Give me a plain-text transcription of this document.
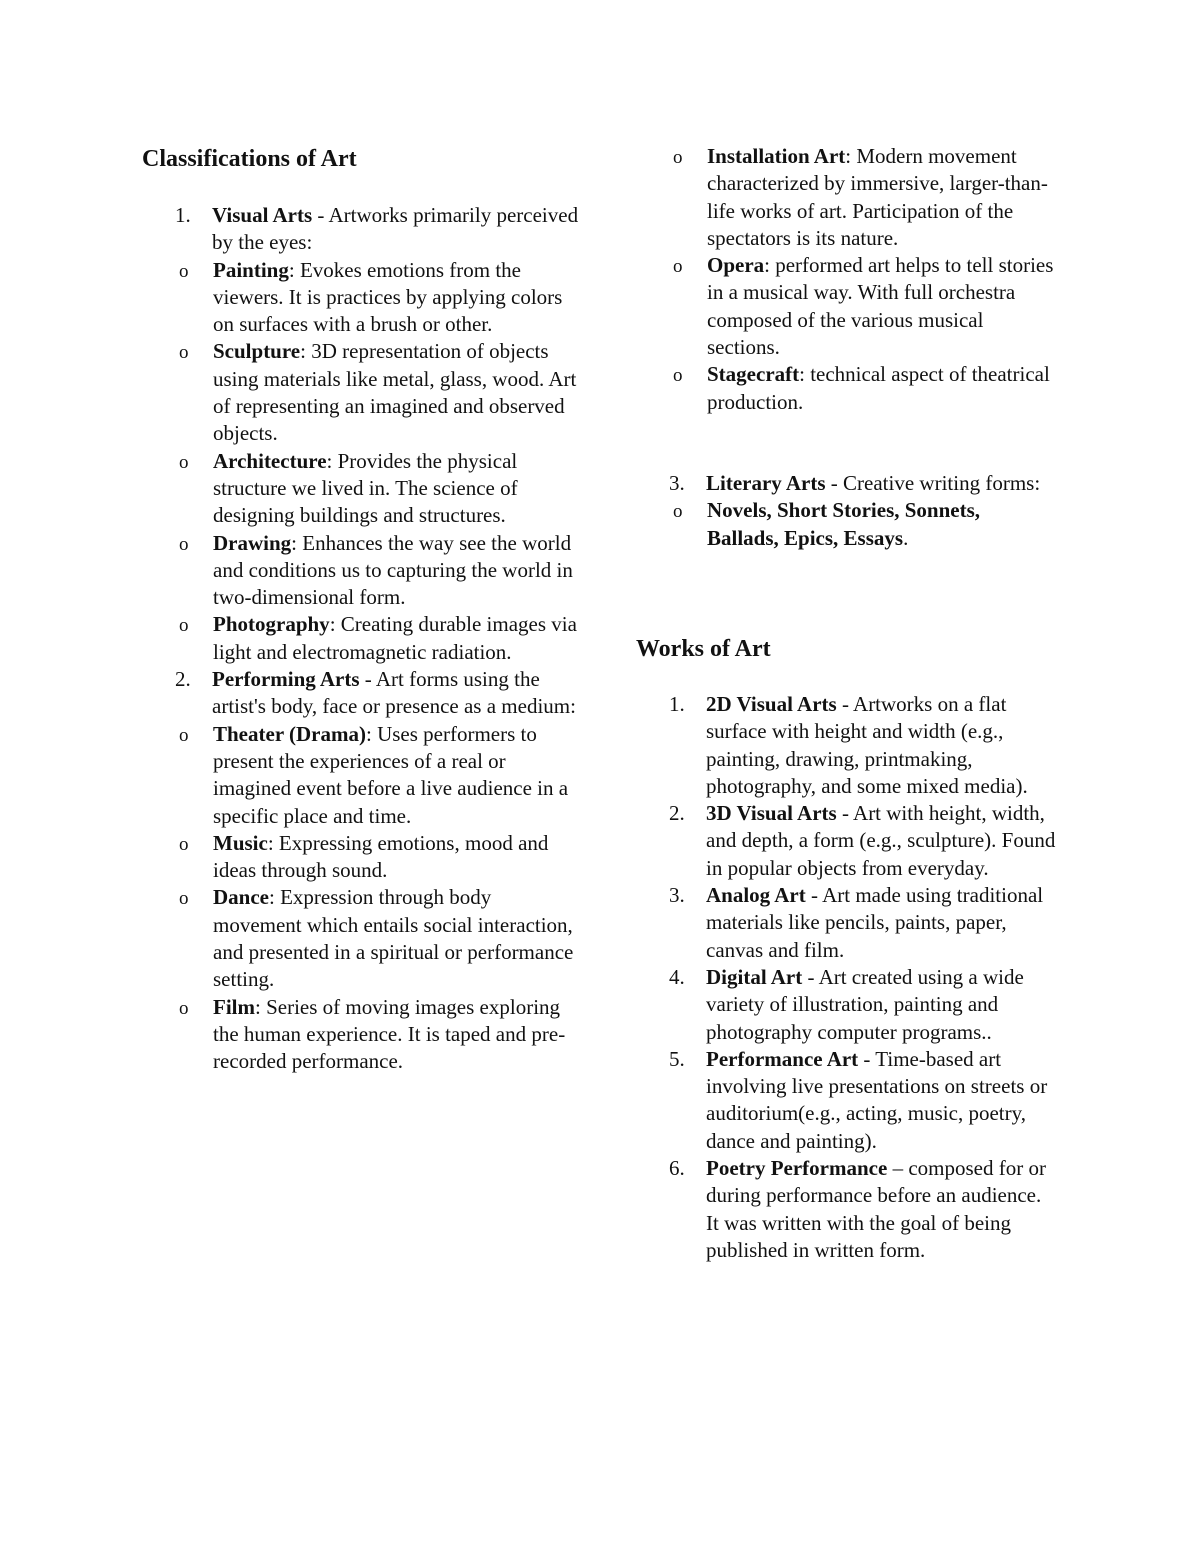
Classifications of Art
1. Visual Arts - Artworks primarily perceived by the eyes:
o Painting: Evokes emotions from the viewers. It is practices by applying colors on surfaces with a brush or other.
o Sculpture: 3D representation of objects using materials like metal, glass, wood. Art of representing an imagined and observed objects.
o Architecture: Provides the physical structure we lived in. The science of designing buildings and structures.
o Drawing: Enhances the way see the world and conditions us to capturing the world in two-dimensional form.
o Photography: Creating durable images via light and electromagnetic radiation.
2. Performing Arts - Art forms using the artist's body, face or presence as a medium:
o Theater (Drama): Uses performers to present the experiences of a real or imagined event before a live audience in a specific place and time.
o Music: Expressing emotions, mood and ideas through sound.
o Dance: Expression through body movement which entails social interaction, and presented in a spiritual or performance setting.
o Film: Series of moving images exploring the human experience. It is taped and pre- recorded performance.
o Installation Art: Modern movement characterized by immersive, larger-than-life works of art. Participation of the spectators is its nature.
o Opera: performed art helps to tell stories in a musical way. With full orchestra composed of the various musical sections.
o Stagecraft: technical aspect of theatrical production.
3. Literary Arts - Creative writing forms:
o Novels, Short Stories, Sonnets, Ballads, Epics, Essays.
Works of Art
1. 2D Visual Arts - Artworks on a flat surface with height and width (e.g., painting, drawing, printmaking, photography, and some mixed media).
2. 3D Visual Arts - Art with height, width, and depth, a form (e.g., sculpture). Found in popular objects from everyday.
3. Analog Art - Art made using traditional materials like pencils, paints, paper, canvas and film.
4. Digital Art - Art created using a wide variety of illustration, painting and photography computer programs..
5. Performance Art - Time-based art involving live presentations on streets or auditorium(e.g., acting, music, poetry, dance and painting).
6. Poetry Performance – composed for or during performance before an audience. It was written with the goal of being published in written form.
